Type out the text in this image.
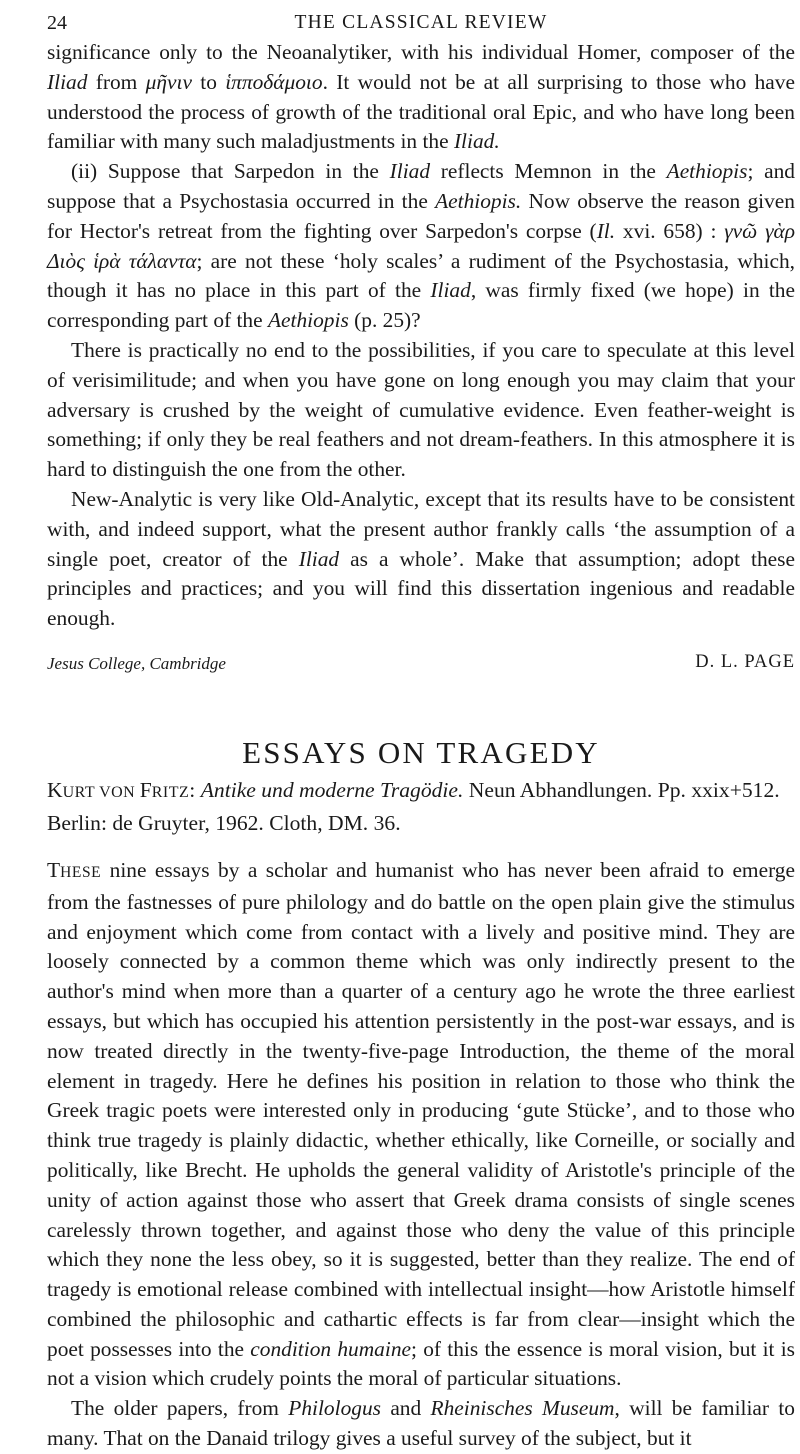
24	THE CLASSICAL REVIEW

significance only to the Neoanalytiker, with his individual Homer, composer of the Iliad from μῆνιν to ἱπποδάμοιο. It would not be at all surprising to those who have understood the process of growth of the traditional oral Epic, and who have long been familiar with many such maladjustments in the Iliad.

(ii) Suppose that Sarpedon in the Iliad reflects Memnon in the Aethiopis; and suppose that a Psychostasia occurred in the Aethiopis. Now observe the reason given for Hector's retreat from the fighting over Sarpedon's corpse (Il. xvi. 658) : γνῶ γὰρ Διὸς ἱρὰ τάλαντα; are not these ‘holy scales’ a rudiment of the Psychostasia, which, though it has no place in this part of the Iliad, was firmly fixed (we hope) in the corresponding part of the Aethiopis (p. 25)?

There is practically no end to the possibilities, if you care to speculate at this level of verisimilitude; and when you have gone on long enough you may claim that your adversary is crushed by the weight of cumulative evidence. Even feather-weight is something; if only they be real feathers and not dream-feathers. In this atmosphere it is hard to distinguish the one from the other.

New-Analytic is very like Old-Analytic, except that its results have to be consistent with, and indeed support, what the present author frankly calls ‘the assumption of a single poet, creator of the Iliad as a whole’. Make that assumption; adopt these principles and practices; and you will find this dissertation ingenious and readable enough.

Jesus College, Cambridge	D. L. PAGE
ESSAYS ON TRAGEDY
KURT VON FRITZ: Antike und moderne Tragödie. Neun Abhandlungen. Pp. xxix+512. Berlin: de Gruyter, 1962. Cloth, DM. 36.

THESE nine essays by a scholar and humanist who has never been afraid to emerge from the fastnesses of pure philology and do battle on the open plain give the stimulus and enjoyment which come from contact with a lively and positive mind. They are loosely connected by a common theme which was only indirectly present to the author's mind when more than a quarter of a century ago he wrote the three earliest essays, but which has occupied his attention persistently in the post-war essays, and is now treated directly in the twenty-five-page Introduction, the theme of the moral element in tragedy. Here he defines his position in relation to those who think the Greek tragic poets were interested only in producing ‘gute Stücke’, and to those who think true tragedy is plainly didactic, whether ethically, like Corneille, or socially and politically, like Brecht. He upholds the general validity of Aristotle's principle of the unity of action against those who assert that Greek drama consists of single scenes carelessly thrown together, and against those who deny the value of this principle which they none the less obey, so it is suggested, better than they realize. The end of tragedy is emotional release combined with intellectual insight—how Aristotle himself combined the philosophic and cathartic effects is far from clear—insight which the poet possesses into the condition humaine; of this the essence is moral vision, but it is not a vision which crudely points the moral of particular situations.

The older papers, from Philologus and Rheinisches Museum, will be familiar to many. That on the Danaid trilogy gives a useful survey of the subject, but it
